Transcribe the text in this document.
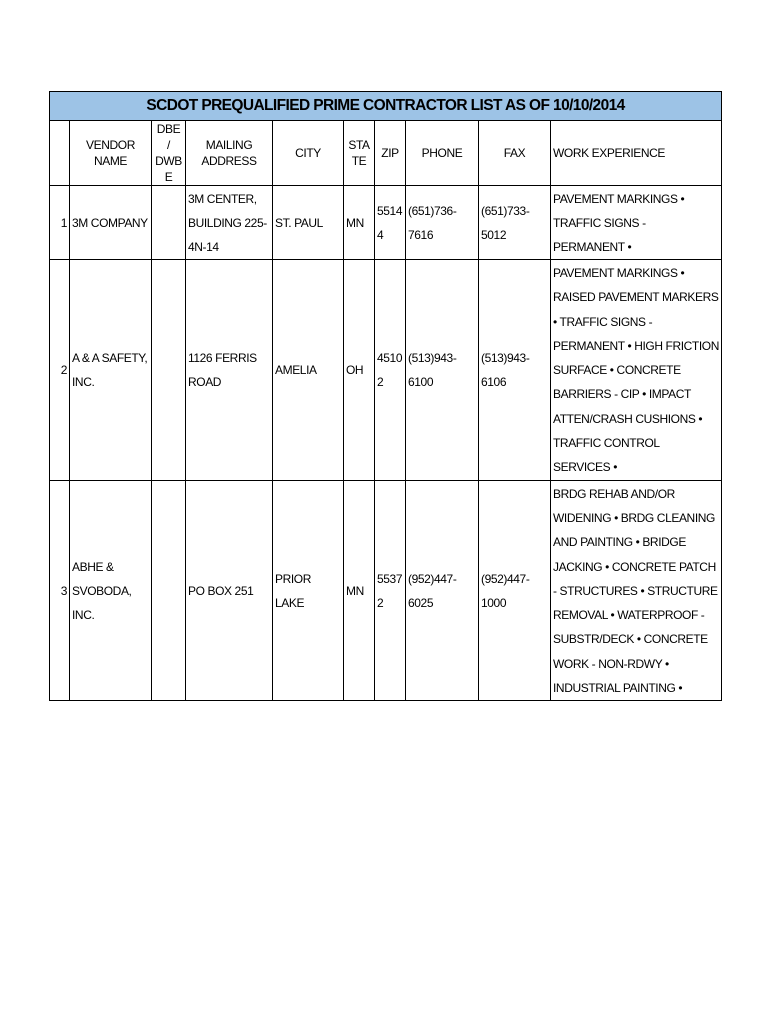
SCDOT PREQUALIFIED PRIME CONTRACTOR LIST AS OF 10/10/2014									
	VENDOR NAME	DBE / DWBE	MAILING ADDRESS	CITY	STATE	ZIP	PHONE	FAX	WORK EXPERIENCE
1	3M COMPANY		3M CENTER, BUILDING 225-4N-14	ST. PAUL	MN	55144	(651)736-7616	(651)733-5012	PAVEMENT MARKINGS • TRAFFIC SIGNS - PERMANENT •
2	A & A SAFETY, INC.		1126 FERRIS ROAD	AMELIA	OH	45102	(513)943-6100	(513)943-6106	PAVEMENT MARKINGS • RAISED PAVEMENT MARKERS • TRAFFIC SIGNS - PERMANENT • HIGH FRICTION SURFACE • CONCRETE BARRIERS - CIP • IMPACT ATTEN/CRASH CUSHIONS • TRAFFIC CONTROL SERVICES •
3	ABHE & SVOBODA, INC.		PO BOX 251	PRIOR LAKE	MN	55372	(952)447-6025	(952)447-1000	BRDG REHAB AND/OR WIDENING • BRDG CLEANING AND PAINTING • BRIDGE JACKING • CONCRETE PATCH - STRUCTURES • STRUCTURE REMOVAL • WATERPROOF - SUBSTR/DECK • CONCRETE WORK - NON-RDWY • INDUSTRIAL PAINTING •
